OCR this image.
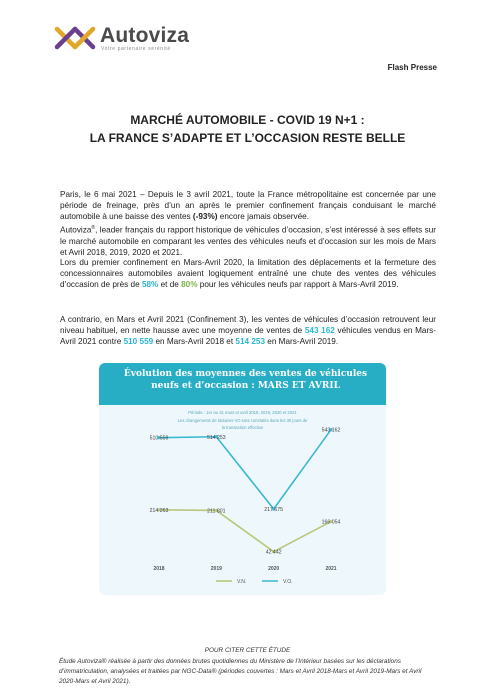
Autoviza
Votre partenaire sérénité
Flash Presse
MARCHÉ AUTOMOBILE - COVID 19 N+1 :
LA FRANCE S’ADAPTE ET L’OCCASION RESTE BELLE
Paris, le 6 mai 2021 – Depuis le 3 avril 2021, toute la France métropolitaine est concernée par une période de freinage, près d’un an après le premier confinement français conduisant le marché automobile à une baisse des ventes (-93%) encore jamais observée.
Autoviza®, leader français du rapport historique de véhicules d’occasion, s’est intéressé à ses effets sur le marché automobile en comparant les ventes des véhicules neufs et d’occasion sur les mois de Mars et Avril 2018, 2019, 2020 et 2021.
Lors du premier confinement en Mars-Avril 2020, la limitation des déplacements et la fermeture des concessionnaires automobiles avaient logiquement entraîné une chute des ventes des véhicules d’occasion de près de 58% et de 80% pour les véhicules neufs par rapport à Mars-Avril 2019.
A contrario, en Mars et Avril 2021 (Confinement 3), les ventes de véhicules d’occasion retrouvent leur niveau habituel, en nette hausse avec une moyenne de ventes de 543 162 véhicules vendus en Mars-Avril 2021 contre 510 559 en Mars-Avril 2018 et 514 253 en Mars-Avril 2019.
Évolution des moyennes des ventes de véhicules
neufs et d’occasion : MARS ET AVRIL
Période : 1er au 31 mars et avril 2018, 2019, 2020 et 2021
Les changements de titulaires VO sont constatés dans les 30 jours de
la transaction effective
2018	2019	2020	2021
214 263	211 801
42 442
166 054
V.N.
510 559	514 253
217 675
543 162
V.O.
POUR CITER CETTE ÉTUDE
Étude Autoviza® réalisée à partir des données brutes quotidiennes du Ministère de l’Intérieur basées sur les déclarations d’immatriculation, analysées et traitées par NGC-Data® (périodes couvertes : Mars et Avril 2018-Mars et Avril 2019-Mars et Avril 2020-Mars et Avril 2021).
